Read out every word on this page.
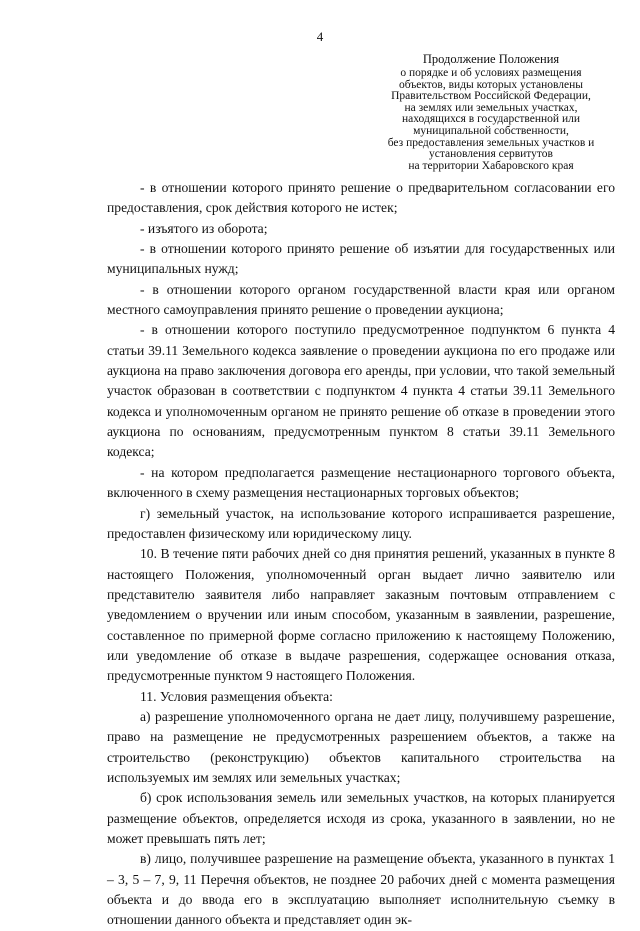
4
Продолжение Положения
о порядке и об условиях размещения
объектов, виды которых установлены
Правительством Российской Федерации,
на землях или земельных участках,
находящихся в государственной или
муниципальной собственности,
без предоставления земельных участков и
установления сервитутов
на территории Хабаровского края

- в отношении которого принято решение о предварительном согласовании его предоставления, срок действия которого не истек;

- изъятого из оборота;

- в отношении которого принято решение об изъятии для государственных или муниципальных нужд;

- в отношении которого органом государственной власти края или органом местного самоуправления принято решение о проведении аукциона;

- в отношении которого поступило предусмотренное подпунктом 6 пункта 4 статьи 39.11 Земельного кодекса заявление о проведении аукциона по его продаже или аукциона на право заключения договора его аренды, при условии, что такой земельный участок образован в соответствии с подпунктом 4 пункта 4 статьи 39.11 Земельного кодекса и уполномоченным органом не принято решение об отказе в проведении этого аукциона по основаниям, предусмотренным пунктом 8 статьи 39.11 Земельного кодекса;

- на котором предполагается размещение нестационарного торгового объекта, включенного в схему размещения нестационарных торговых объектов;

г) земельный участок, на использование которого испрашивается разрешение, предоставлен физическому или юридическому лицу.

10. В течение пяти рабочих дней со дня принятия решений, указанных в пункте 8 настоящего Положения, уполномоченный орган выдает лично заявителю или представителю заявителя либо направляет заказным почтовым отправлением с уведомлением о вручении или иным способом, указанным в заявлении, разрешение, составленное по примерной форме согласно приложению к настоящему Положению, или уведомление об отказе в выдаче разрешения, содержащее основания отказа, предусмотренные пунктом 9 настоящего Положения.

11. Условия размещения объекта:

а) разрешение уполномоченного органа не дает лицу, получившему разрешение, право на размещение не предусмотренных разрешением объектов, а также на строительство (реконструкцию) объектов капитального строительства на используемых им землях или земельных участках;

б) срок использования земель или земельных участков, на которых планируется размещение объектов, определяется исходя из срока, указанного в заявлении, но не может превышать пять лет;

в) лицо, получившее разрешение на размещение объекта, указанного в пунктах 1 – 3, 5 – 7, 9, 11 Перечня объектов, не позднее 20 рабочих дней с момента размещения объекта и до ввода его в эксплуатацию выполняет исполнительную съемку в отношении данного объекта и представляет один эк-
